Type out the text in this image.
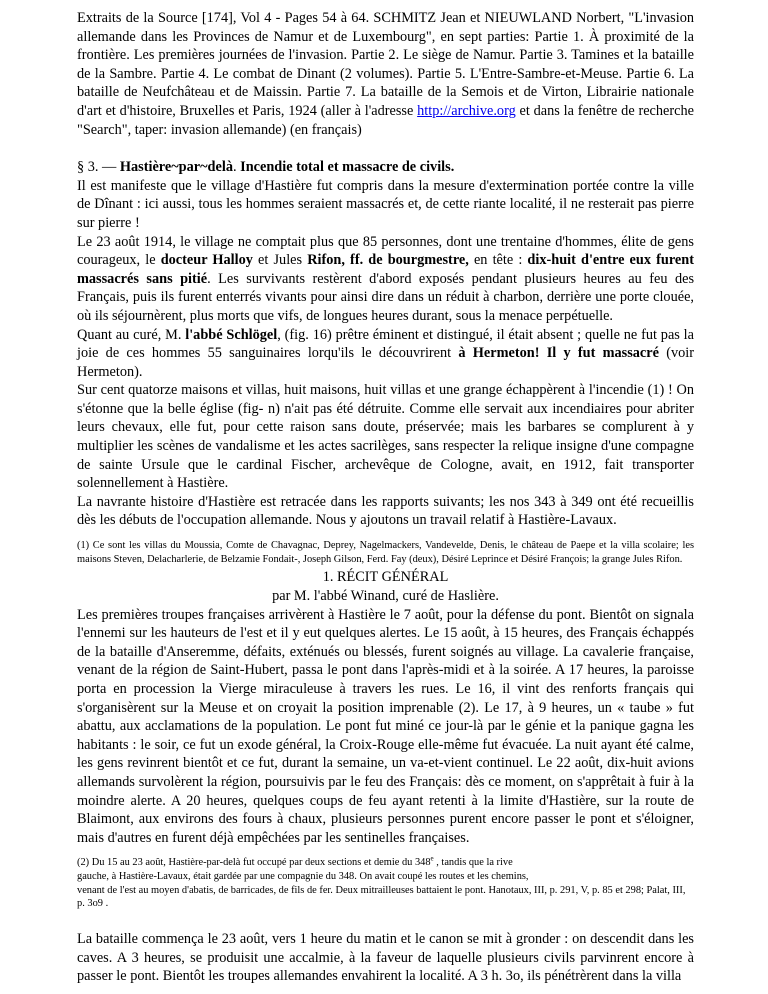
Extraits de la Source [174], Vol 4 - Pages 54 à 64. SCHMITZ Jean et NIEUWLAND Norbert, "L'invasion allemande dans les Provinces de Namur et de Luxembourg", en sept parties: Partie 1. À proximité de la frontière. Les premières journées de l'invasion. Partie 2. Le siège de Namur. Partie 3. Tamines et la bataille de la Sambre. Partie 4. Le combat de Dinant (2 volumes). Partie 5. L'Entre-Sambre-et-Meuse. Partie 6. La bataille de Neufchâteau et de Maissin. Partie 7. La bataille de la Semois et de Virton, Librairie nationale d'art et d'histoire, Bruxelles et Paris, 1924 (aller à l'adresse http://archive.org et dans la fenêtre de recherche "Search", taper: invasion allemande) (en français)

§ 3. — Hastière~par~delà. Incendie total et massacre de civils.

Il est manifeste que le village d'Hastière fut compris dans la mesure d'extermination portée contre la ville de Dînant : ici aussi, tous les hommes seraient massacrés et, de cette riante localité, il ne resterait pas pierre sur pierre !

Le 23 août 1914, le village ne comptait plus que 85 personnes, dont une trentaine d'hommes, élite de gens courageux, le docteur Halloy et Jules Rifon, ff. de bourgmestre, en tête : dix-huit d'entre eux furent massacrés sans pitié. Les survivants restèrent d'abord exposés pendant plusieurs heures au feu des Français, puis ils furent enterrés vivants pour ainsi dire dans un réduit à charbon, derrière une porte clouée, où ils séjournèrent, plus morts que vifs, de longues heures durant, sous la menace perpétuelle.

Quant au curé, M. l'abbé Schlögel, (fig. 16) prêtre éminent et distingué, il était absent ; quelle ne fut pas la joie de ces hommes 55 sanguinaires lorqu'ils le découvrirent à Hermeton! Il y fut massacré (voir Hermeton).

Sur cent quatorze maisons et villas, huit maisons, huit villas et une grange échappèrent à l'incendie (1) ! On s'étonne que la belle église (fig- n) n'ait pas été détruite. Comme elle servait aux incendiaires pour abriter leurs chevaux, elle fut, pour cette raison sans doute, préservée; mais les barbares se complurent à y multiplier les scènes de vandalisme et les actes sacrilèges, sans respecter la relique insigne d'une compagne de sainte Ursule que le cardinal Fischer, archevêque de Cologne, avait, en 1912, fait transporter solennellement à Hastière.

La navrante histoire d'Hastière est retracée dans les rapports suivants; les nos 343 à 349 ont été recueillis dès les débuts de l'occupation allemande. Nous y ajoutons un travail relatif à Hastière-Lavaux.

(1) Ce sont les villas du Moussia, Comte de Chavagnac, Deprey, Nagelmackers, Vandevelde, Denis, le château de Paepe et la villa scolaire; les maisons Steven, Delacharlerie, de Belzamie Fondait-, Joseph Gilson, Ferd. Fay (deux), Désiré Leprince et Désiré François; la grange Jules Rifon.

1. RÉCIT GÉNÉRAL

par M. l'abbé Winand, curé de Haslière.

Les premières troupes françaises arrivèrent à Hastière le 7 août, pour la défense du pont. Bientôt on signala l'ennemi sur les hauteurs de l'est et il y eut quelques alertes. Le 15 août, à 15 heures, des Français échappés de la bataille d'Anseremme, défaits, exténués ou blessés, furent soignés au village. La cavalerie française, venant de la région de Saint-Hubert, passa le pont dans l'après-midi et à la soirée. A 17 heures, la paroisse porta en procession la Vierge miraculeuse à travers les rues. Le 16, il vint des renforts français qui s'organisèrent sur la Meuse et on croyait la position imprenable (2). Le 17, à 9 heures, un « taube » fut abattu, aux acclamations de la population. Le pont fut miné ce jour-là par le génie et la panique gagna les habitants : le soir, ce fut un exode général, la Croix-Rouge elle-même fut évacuée. La nuit ayant été calme, les gens revinrent bientôt et ce fut, durant la semaine, un va-et-vient continuel. Le 22 août, dix-huit avions allemands survolèrent la région, poursuivis par le feu des Français: dès ce moment, on s'apprêtait à fuir à la moindre alerte. A 20 heures, quelques coups de feu ayant retenti à la limite d'Hastière, sur la route de Blaimont, aux environs des fours à chaux, plusieurs personnes purent encore passer le pont et s'éloigner, mais d'autres en furent déjà empêchées par les sentinelles françaises.

(2) Du 15 au 23 août, Hastière-par-delà fut occupé par deux sections et demie du 348e , tandis que la rive
gauche, à Hastière-Lavaux, était gardée par une compagnie du 348. On avait coupé les routes et les chemins,
venant de l'est au moyen d'abatis, de barricades, de fils de fer. Deux mitrailleuses battaient le pont. Hanotaux, III, p. 291, V, p. 85 et 298; Palat, III, p. 3o9 .

La bataille commença le 23 août, vers 1 heure du matin et le canon se mit à gronder : on descendit dans les caves. A 3 heures, se produisit une accalmie, à la faveur de laquelle plusieurs civils parvinrent encore à passer le pont. Bientôt les troupes allemandes envahirent la localité. A 3 h. 3o, ils pénétrèrent dans la villa
